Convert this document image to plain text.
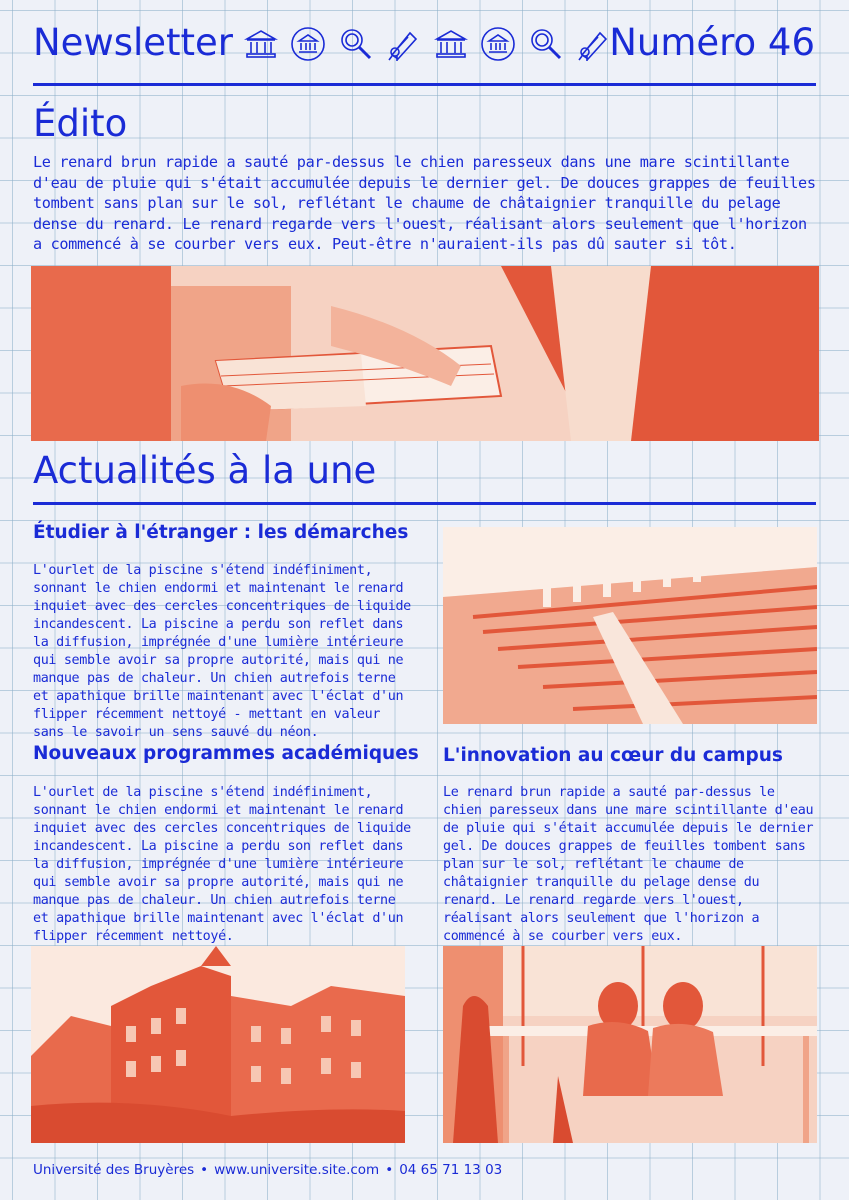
Newsletter	Numéro 46
Édito
Le renard brun rapide a sauté par-dessus le chien paresseux dans une mare scintillante d'eau de pluie qui s'était accumulée depuis le dernier gel. De douces grappes de feuilles tombent sans plan sur le sol, reflétant le chaume de châtaignier tranquille du pelage dense du renard. Le renard regarde vers l'ouest, réalisant alors seulement que l'horizon a commencé à se courber vers eux. Peut-être n'auraient-ils pas dû sauter si tôt.
Actualités à la une
Étudier à l'étranger : les démarches
L'ourlet de la piscine s'étend indéfiniment, sonnant le chien endormi et maintenant le renard inquiet avec des cercles concentriques de liquide incandescent. La piscine a perdu son reflet dans la diffusion, imprégnée d'une lumière intérieure qui semble avoir sa propre autorité, mais qui ne manque pas de chaleur. Un chien autrefois terne et apathique brille maintenant avec l'éclat d'un flipper récemment nettoyé - mettant en valeur sans le savoir un sens sauvé du néon.
Nouveaux programmes académiques
L'ourlet de la piscine s'étend indéfiniment, sonnant le chien endormi et maintenant le renard inquiet avec des cercles concentriques de liquide incandescent. La piscine a perdu son reflet dans la diffusion, imprégnée d'une lumière intérieure qui semble avoir sa propre autorité, mais qui ne manque pas de chaleur. Un chien autrefois terne et apathique brille maintenant avec l'éclat d'un flipper récemment nettoyé.
L'innovation au cœur du campus
Le renard brun rapide a sauté par-dessus le chien paresseux dans une mare scintillante d'eau de pluie qui s'était accumulée depuis le dernier gel. De douces grappes de feuilles tombent sans plan sur le sol, reflétant le chaume de châtaignier tranquille du pelage dense du renard. Le renard regarde vers l'ouest, réalisant alors seulement que l'horizon a commencé à se courber vers eux.
Université des Bruyères • www.universite.site.com • 04 65 71 13 03
